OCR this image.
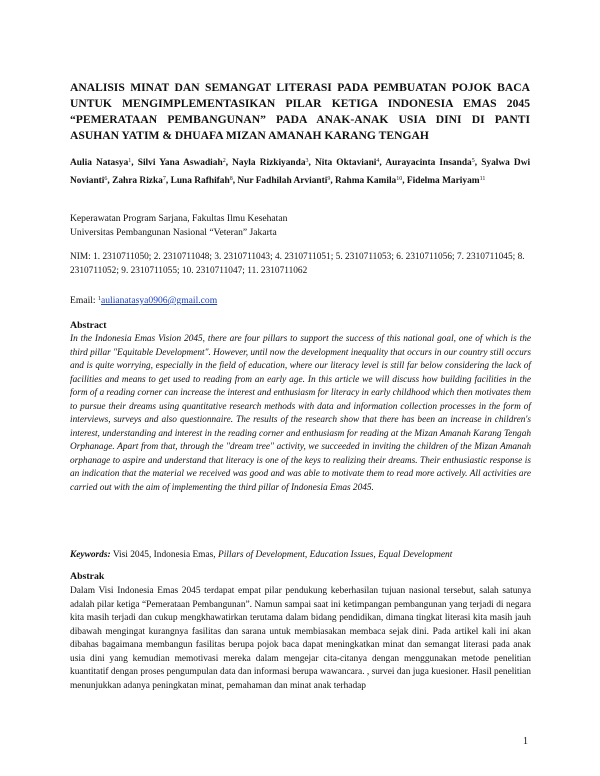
ANALISIS MINAT DAN SEMANGAT LITERASI PADA PEMBUATAN POJOK BACA UNTUK MENGIMPLEMENTASIKAN PILAR KETIGA INDONESIA EMAS 2045 “PEMERATAAN PEMBANGUNAN” PADA ANAK-ANAK USIA DINI DI PANTI ASUHAN YATIM & DHUAFA MIZAN AMANAH KARANG TENGAH

Aulia Natasya$^1$, Silvi Yana Aswadiah$^2$, Nayla Rizkiyanda$^3$, Nita Oktaviani$^4$, Aurayacinta Insanda$^5$, Syalwa Dwi Novianti$^6$, Zahra Rizka$^7$, Luna Rafhifah$^8$, Nur Fadhilah Arvianti$^9$, Rahma Kamila$^{10}$, Fidelma Mariyam$^{11}$

Keperawatan Program Sarjana, Fakultas Ilmu Kesehatan
Universitas Pembangunan Nasional “Veteran” Jakarta
NIM: 1. 2310711050; 2. 2310711048; 3. 2310711043; 4. 2310711051; 5. 2310711053; 6. 2310711056; 7. 2310711045; 8. 2310711052; 9. 2310711055; 10. 2310711047; 11. 2310711062
Email: $^1$aulianatasya0906@gmail.com
Abstract

In the Indonesia Emas Vision 2045, there are four pillars to support the success of this national goal, one of which is the third pillar "Equitable Development". However, until now the development inequality that occurs in our country still occurs and is quite worrying, especially in the field of education, where our literacy level is still far below considering the lack of facilities and means to get used to reading from an early age. In this article we will discuss how building facilities in the form of a reading corner can increase the interest and enthusiasm for literacy in early childhood which then motivates them to pursue their dreams using quantitative research methods with data and information collection processes in the form of interviews, surveys and also questionnaire. The results of the research show that there has been an increase in children's interest, understanding and interest in the reading corner and enthusiasm for reading at the Mizan Amanah Karang Tengah Orphanage. Apart from that, through the "dream tree" activity, we succeeded in inviting the children of the Mizan Amanah orphanage to aspire and understand that literacy is one of the keys to realizing their dreams. Their enthusiastic response is an indication that the material we received was good and was able to motivate them to read more actively. All activities are carried out with the aim of implementing the third pillar of Indonesia Emas 2045.

Keywords: Visi 2045, Indonesia Emas, Pillars of Development, Education Issues, Equal Development
Abstrak

Dalam Visi Indonesia Emas 2045 terdapat empat pilar pendukung keberhasilan tujuan nasional tersebut, salah satunya adalah pilar ketiga “Pemerataan Pembangunan”. Namun sampai saat ini ketimpangan pembangunan yang terjadi di negara kita masih terjadi dan cukup mengkhawatirkan terutama dalam bidang pendidikan, dimana tingkat literasi kita masih jauh dibawah mengingat kurangnya fasilitas dan sarana untuk membiasakan membaca sejak dini. Pada artikel kali ini akan dibahas bagaimana membangun fasilitas berupa pojok baca dapat meningkatkan minat dan semangat literasi pada anak usia dini yang kemudian memotivasi mereka dalam mengejar cita-citanya dengan menggunakan metode penelitian kuantitatif dengan proses pengumpulan data dan informasi berupa wawancara. , survei dan juga kuesioner. Hasil penelitian menunjukkan adanya peningkatan minat, pemahaman dan minat anak terhadap

1
